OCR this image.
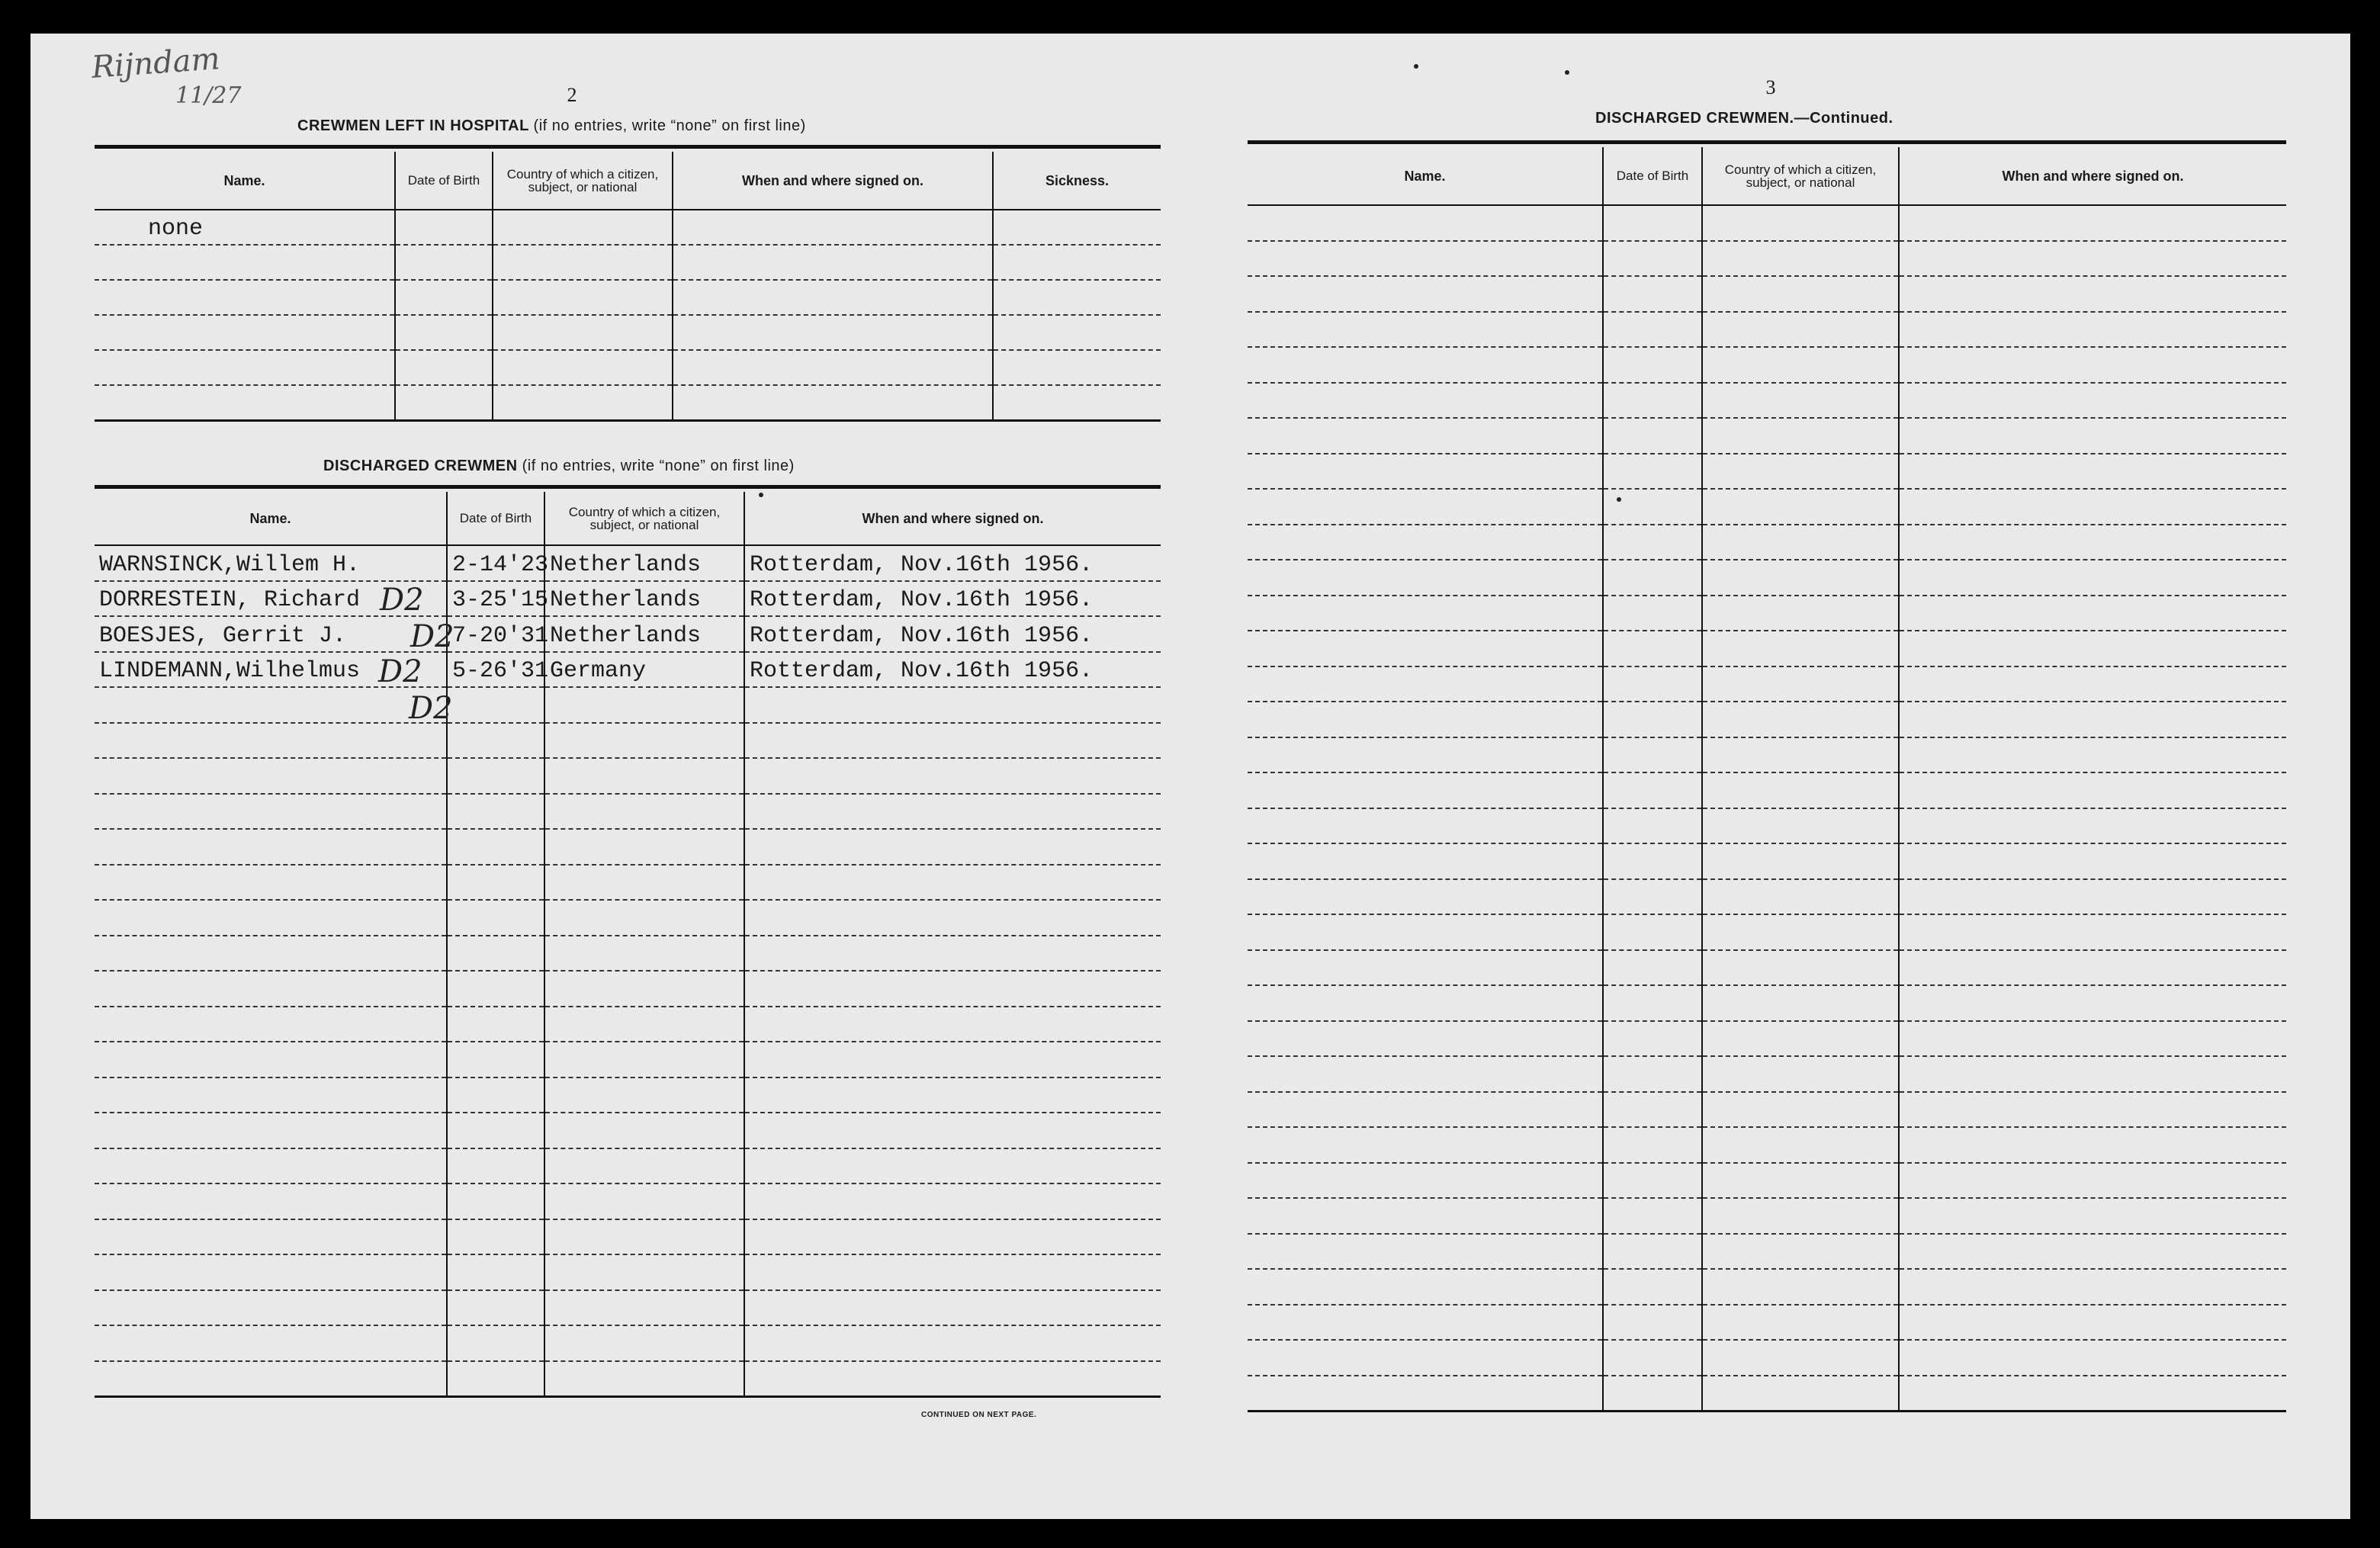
Rijndam
11/27	2	3
CREWMEN LEFT IN HOSPITAL (if no entries, write “none” on first line)

Name.	Date of Birth	Country of which a citizen, subject, or national	When and where signed on.	Sickness.
none				

DISCHARGED CREWMEN (if no entries, write “none” on first line)

Name.	Date of Birth	Country of which a citizen, subject, or national	When and where signed on.
WARNSINCK,Willem H.	2-14'23	Netherlands	Rotterdam, Nov.16th 1956.
DORRESTEIN, Richard	3-25'15	Netherlands	Rotterdam, Nov.16th 1956.
BOESJES, Gerrit J.	7-20'31	Netherlands	Rotterdam, Nov.16th 1956.
LINDEMANN,Wilhelmus	5-26'31	Germany	Rotterdam, Nov.16th 1956.

CONTINUED ON NEXT PAGE.
DISCHARGED CREWMEN.—Continued.

Name.	Date of Birth	Country of which a citizen, subject, or national	When and where signed on.

D2
D2
D2
D2
